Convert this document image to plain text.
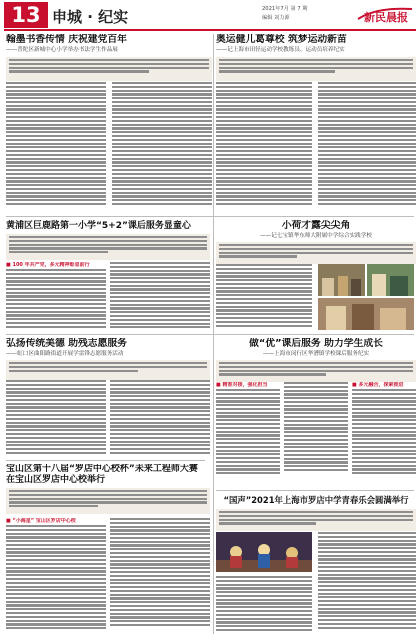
13 申城 · 纪实	2021年7月 第 7 期
编辑 刘力源	新民晨报
翰墨书香传情 庆祝建党百年
——普陀区新城中心小学举办书法学生作品展
奥运健儿葛尊校 筑梦运动新苗
——记上海市田径运动学校教练员、运动员培养纪实
黄浦区巨鹿路第一小学“5+2”课后服务显童心
■ 100 年共产党，多元精神彰显前行
小荷才露尖尖角
——记七宝镇华东师大附属中学综合实践学校
弘扬传统美德 助残志愿服务
——虹口区曲阳路街道开展学雷锋志愿服务活动
做“优”课后服务 助力学生成长
——上海市闵行区华漕镇学校课后服务纪实
■ 精准对接，强化担当	■ 多元融合，探索推进
宝山区第十八届“罗店中心校杯”未来工程师大赛
在宝山区罗店中心校举行
■ “小海星” 宝山区罗店中心校
“国声”2021年上海市罗店中学青春乐会圆满举行
